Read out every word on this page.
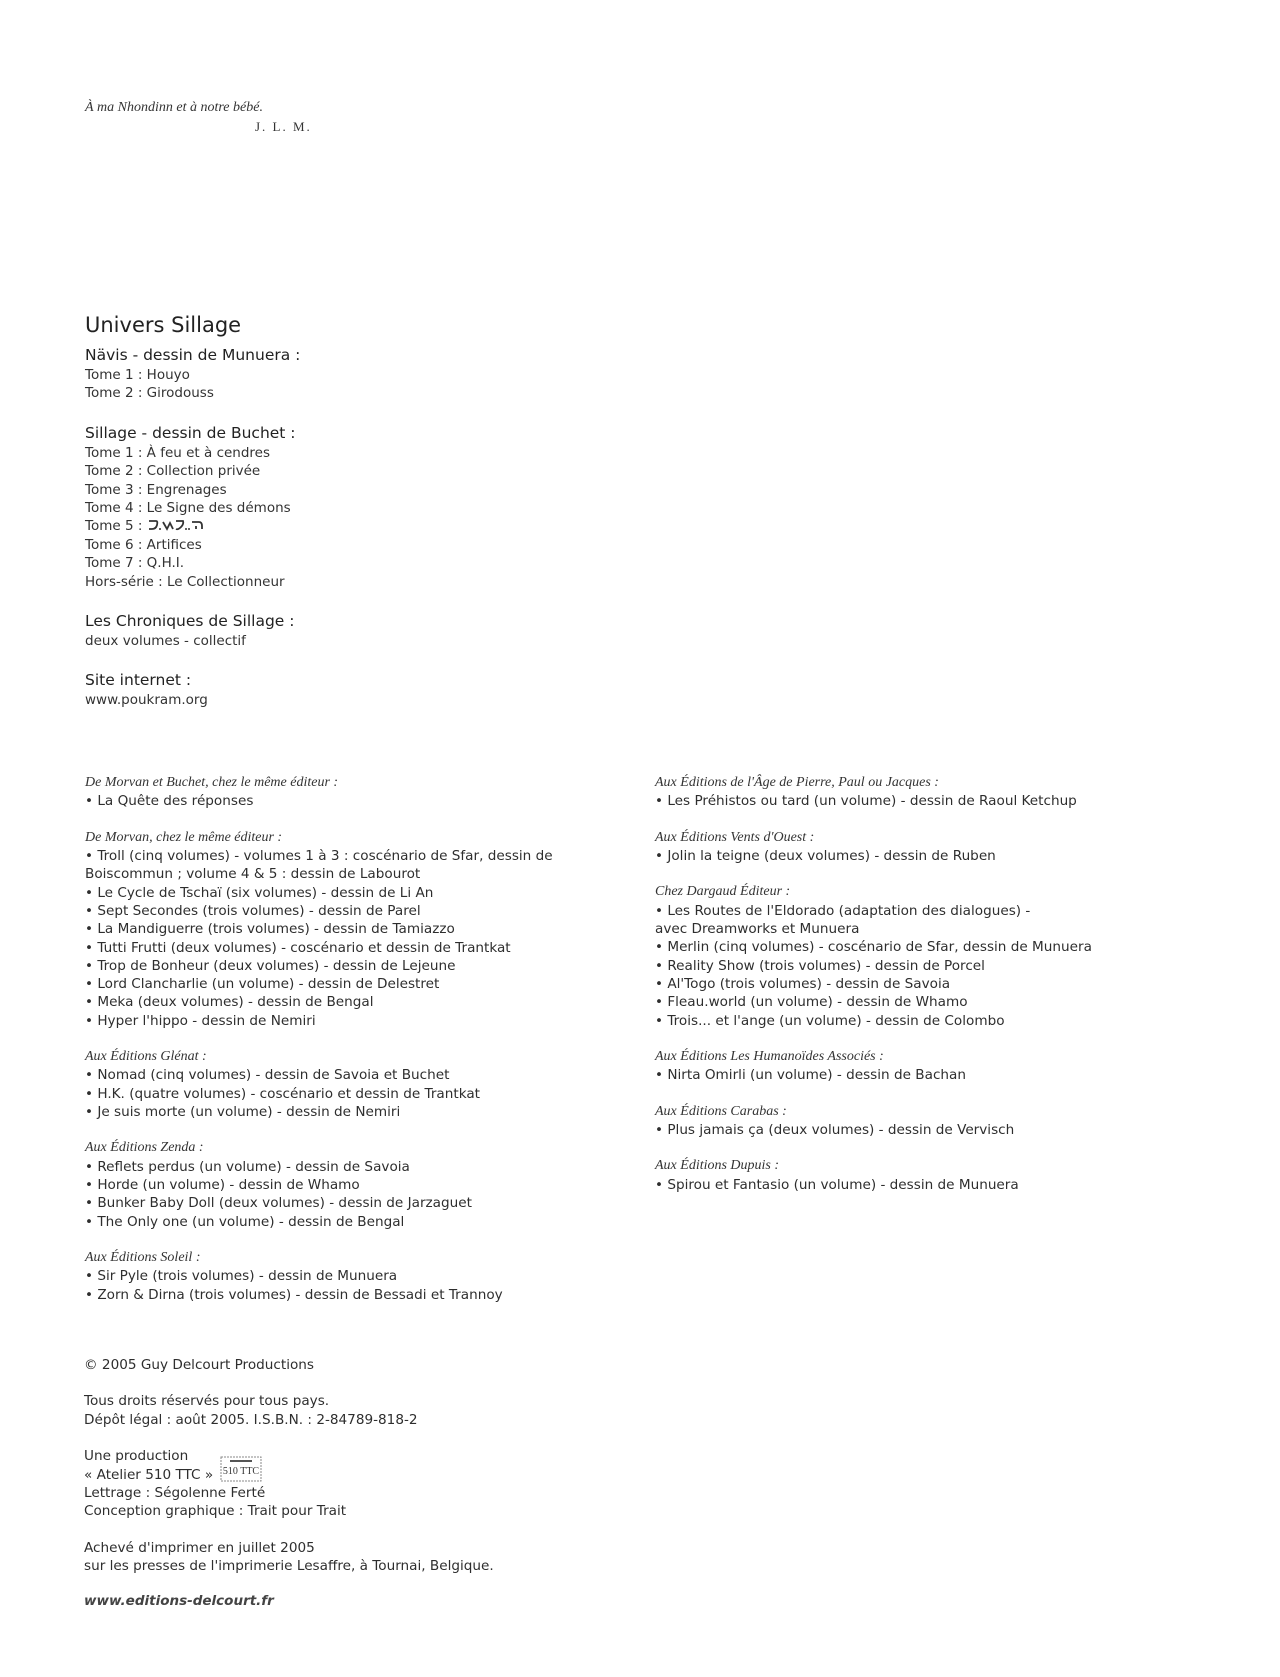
À ma Nhondinn et à notre bébé.
J. L. M.
Univers Sillage
Nävis - dessin de Munuera :
Tome 1 : Houyo
Tome 2 : Girodouss
Sillage - dessin de Buchet :
Tome 1 : À feu et à cendres
Tome 2 : Collection privée
Tome 3 : Engrenages
Tome 4 : Le Signe des démons
Tome 5 :
Tome 6 : Artifices
Tome 7 : Q.H.I.
Hors-série : Le Collectionneur
Les Chroniques de Sillage :
deux volumes - collectif
Site internet :
www.poukram.org
De Morvan et Buchet, chez le même éditeur :
• La Quête des réponses
De Morvan, chez le même éditeur :
• Troll (cinq volumes) - volumes 1 à 3 : coscénario de Sfar, dessin de
Boiscommun ; volume 4 & 5 : dessin de Labourot
• Le Cycle de Tschaï (six volumes) - dessin de Li An
• Sept Secondes (trois volumes) - dessin de Parel
• La Mandiguerre (trois volumes) - dessin de Tamiazzo
• Tutti Frutti (deux volumes) - coscénario et dessin de Trantkat
• Trop de Bonheur (deux volumes) - dessin de Lejeune
• Lord Clancharlie (un volume) - dessin de Delestret
• Meka (deux volumes) - dessin de Bengal
• Hyper l'hippo - dessin de Nemiri
Aux Éditions Glénat :
• Nomad (cinq volumes) - dessin de Savoia et Buchet
• H.K. (quatre volumes) - coscénario et dessin de Trantkat
• Je suis morte (un volume) - dessin de Nemiri
Aux Éditions Zenda :
• Reflets perdus (un volume) - dessin de Savoia
• Horde (un volume) - dessin de Whamo
• Bunker Baby Doll (deux volumes) - dessin de Jarzaguet
• The Only one (un volume) - dessin de Bengal
Aux Éditions Soleil :
• Sir Pyle (trois volumes) - dessin de Munuera
• Zorn & Dirna (trois volumes) - dessin de Bessadi et Trannoy
Aux Éditions de l'Âge de Pierre, Paul ou Jacques :
• Les Préhistos ou tard (un volume) - dessin de Raoul Ketchup
Aux Éditions Vents d'Ouest :
• Jolin la teigne (deux volumes) - dessin de Ruben
Chez Dargaud Éditeur :
• Les Routes de l'Eldorado (adaptation des dialogues) -
avec Dreamworks et Munuera
• Merlin (cinq volumes) - coscénario de Sfar, dessin de Munuera
• Reality Show (trois volumes) - dessin de Porcel
• Al'Togo (trois volumes) - dessin de Savoia
• Fleau.world (un volume) - dessin de Whamo
• Trois... et l'ange (un volume) - dessin de Colombo
Aux Éditions Les Humanoïdes Associés :
• Nirta Omirli (un volume) - dessin de Bachan
Aux Éditions Carabas :
• Plus jamais ça (deux volumes) - dessin de Vervisch
Aux Éditions Dupuis :
• Spirou et Fantasio (un volume) - dessin de Munuera
© 2005 Guy Delcourt Productions
Tous droits réservés pour tous pays.
Dépôt légal : août 2005. I.S.B.N. : 2-84789-818-2
Une production
« Atelier 510 TTC »
Lettrage : Ségolenne Ferté
Conception graphique : Trait pour Trait
510 TTC
Achevé d'imprimer en juillet 2005
sur les presses de l'imprimerie Lesaffre, à Tournai, Belgique.
www.editions-delcourt.fr
